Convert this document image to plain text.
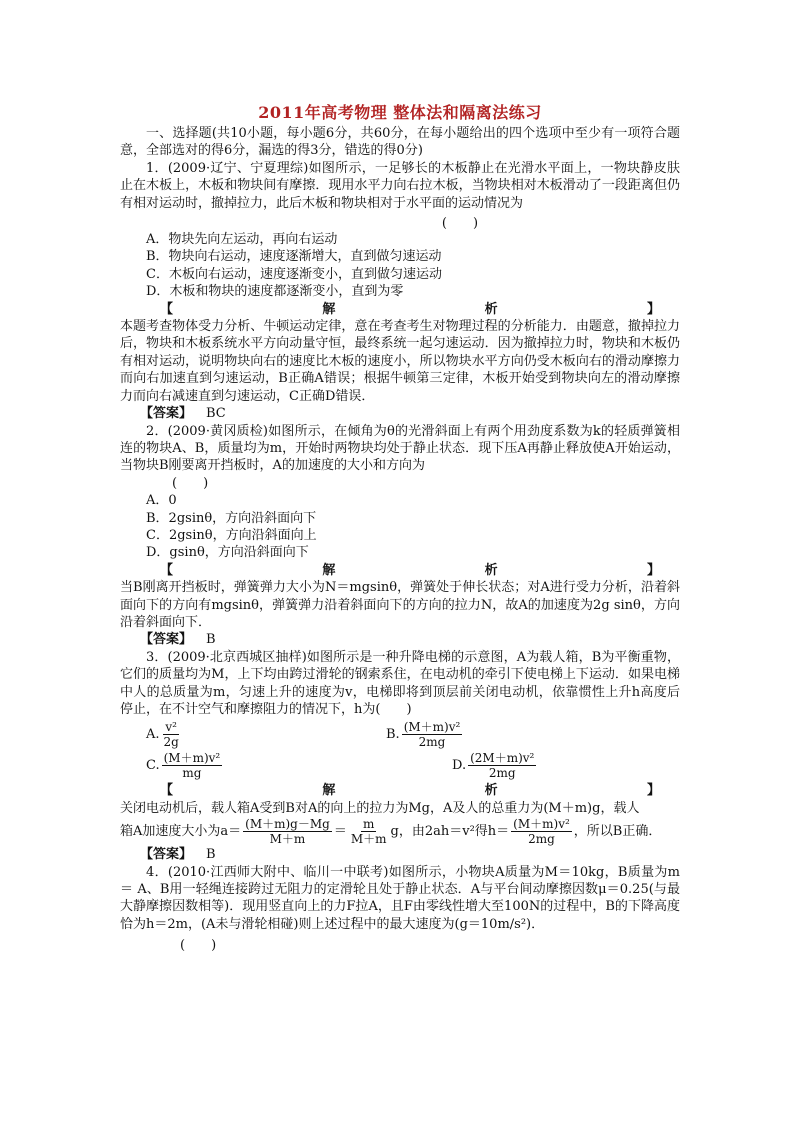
2011年高考物理 整体法和隔离法练习

一、选择题(共10小题，每小题6分，共60分，在每小题给出的四个选项中至少有一项符合题意，全部选对的得6分，漏选的得3分，错选的得0分)

1．(2009·辽宁、宁夏理综)如图所示，一足够长的木板静止在光滑水平面上，一物块静皮肤止在木板上，木板和物块间有摩擦．现用水平力向右拉木板，当物块相对木板滑动了一段距离但仍有相对运动时，撤掉拉力，此后木板和物块相对于水平面的运动情况为

(　　)

A．物块先向左运动，再向右运动

B．物块向右运动，速度逐渐增大，直到做匀速运动

C．木板向右运动，速度逐渐变小，直到做匀速运动

D．木板和物块的速度都逐渐变小，直到为零

【	解	析	】

本题考查物体受力分析、牛顿运动定律，意在考查考生对物理过程的分析能力．由题意，撤掉拉力后，物块和木板系统水平方向动量守恒，最终系统一起匀速运动．因为撤掉拉力时，物块和木板仍有相对运动，说明物块向右的速度比木板的速度小，所以物块水平方向仍受木板向右的滑动摩擦力而向右加速直到匀速运动，B正确A错误；根据牛顿第三定律，木板开始受到物块向左的滑动摩擦力而向右减速直到匀速运动，C正确D错误．

【答案】 BC

2．(2009·黄冈质检)如图所示，在倾角为θ的光滑斜面上有两个用劲度系数为k的轻质弹簧相连的物块A、B，质量均为m，开始时两物块均处于静止状态．现下压A再静止释放使A开始运动，当物块B刚要离开挡板时，A的加速度的大小和方向为

(　　)

A．0

B．2gsinθ，方向沿斜面向下

C．2gsinθ，方向沿斜面向上

D．gsinθ，方向沿斜面向下

【	解	析	】

当B刚离开挡板时，弹簧弹力大小为N＝mgsinθ，弹簧处于伸长状态；对A进行受力分析，沿着斜面向下的方向有mgsinθ，弹簧弹力沿着斜面向下的方向的拉力N，故A的加速度为2g sinθ，方向沿着斜面向下．

【答案】 B

3．(2009·北京西城区抽样)如图所示是一种升降电梯的示意图，A为载人箱，B为平衡重物，它们的质量均为M，上下均由跨过滑轮的钢索系住，在电动机的牵引下使电梯上下运动．如果电梯中人的总质量为m，匀速上升的速度为v，电梯即将到顶层前关闭电动机，依靠惯性上升h高度后停止，在不计空气和摩擦阻力的情况下，h为(　　)

A. $\frac{\text{v²}}{2g}$	B. $\frac{\text{(M＋m)v²}}{2mg}$
C. $\frac{\text{(M＋m)v²}}{mg}$	D. $\frac{\text{(2M＋m)v²}}{2mg}$

【	解	析	】

关闭电动机后，载人箱A受到B对A的向上的拉力为Mg，A及人的总重力为(M＋m)g，载人

箱A加速度大小为$a= \frac{(M+m)g-Mg}{M+m} = \frac{m}{M+m}$ g，由2ah＝v²得$h= \frac{\text{(M＋m)v²}}{2mg}$ ，所以B正确．

【答案】 B

4．(2010·江西师大附中、临川一中联考)如图所示，小物块A质量为M＝10kg，B质量为m＝ A、B用一轻绳连接跨过无阻力的定滑轮且处于静止状态．A与平台间动摩擦因数μ＝0.25(与最大静摩擦因数相等)．现用竖直向上的力F拉A，且F由零线性增大至100N的过程中，B的下降高度恰为h＝2m，(A未与滑轮相碰)则上述过程中的最大速度为(g＝10m/s²)．

(　　)
